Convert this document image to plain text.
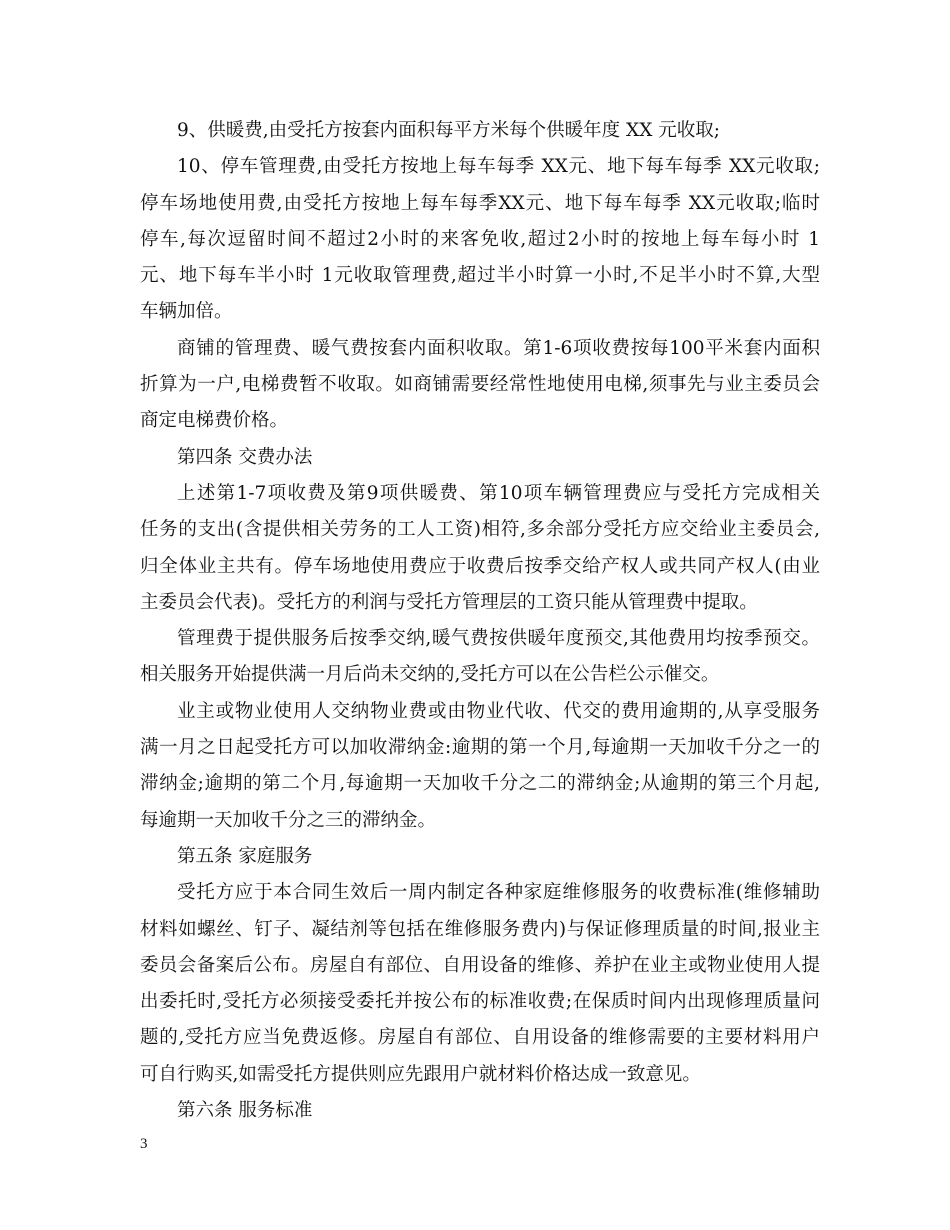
9、供暖费,由受托方按套内面积每平方米每个供暖年度 XX 元收取;
10、停车管理费,由受托方按地上每车每季 XX元、地下每车每季 XX元收取;
停车场地使用费,由受托方按地上每车每季XX元、地下每车每季 XX元收取;临时
停车,每次逗留时间不超过2小时的来客免收,超过2小时的按地上每车每小时 1
元、地下每车半小时 1元收取管理费,超过半小时算一小时,不足半小时不算,大型
车辆加倍。
商铺的管理费、暖气费按套内面积收取。第1-6项收费按每100平米套内面积
折算为一户,电梯费暂不收取。如商铺需要经常性地使用电梯,须事先与业主委员会
商定电梯费价格。
第四条 交费办法
上述第1-7项收费及第9项供暖费、第10项车辆管理费应与受托方完成相关
任务的支出(含提供相关劳务的工人工资)相符,多余部分受托方应交给业主委员会,
归全体业主共有。停车场地使用费应于收费后按季交给产权人或共同产权人(由业
主委员会代表)。受托方的利润与受托方管理层的工资只能从管理费中提取。
管理费于提供服务后按季交纳,暖气费按供暖年度预交,其他费用均按季预交。
相关服务开始提供满一月后尚未交纳的,受托方可以在公告栏公示催交。
业主或物业使用人交纳物业费或由物业代收、代交的费用逾期的,从享受服务
满一月之日起受托方可以加收滞纳金:逾期的第一个月,每逾期一天加收千分之一的
滞纳金;逾期的第二个月,每逾期一天加收千分之二的滞纳金;从逾期的第三个月起,
每逾期一天加收千分之三的滞纳金。
第五条 家庭服务
受托方应于本合同生效后一周内制定各种家庭维修服务的收费标准(维修辅助
材料如螺丝、钉子、凝结剂等包括在维修服务费内)与保证修理质量的时间,报业主
委员会备案后公布。房屋自有部位、自用设备的维修、养护在业主或物业使用人提
出委托时,受托方必须接受委托并按公布的标准收费;在保质时间内出现修理质量问
题的,受托方应当免费返修。房屋自有部位、自用设备的维修需要的主要材料用户
可自行购买,如需受托方提供则应先跟用户就材料价格达成一致意见。
第六条 服务标准
3
